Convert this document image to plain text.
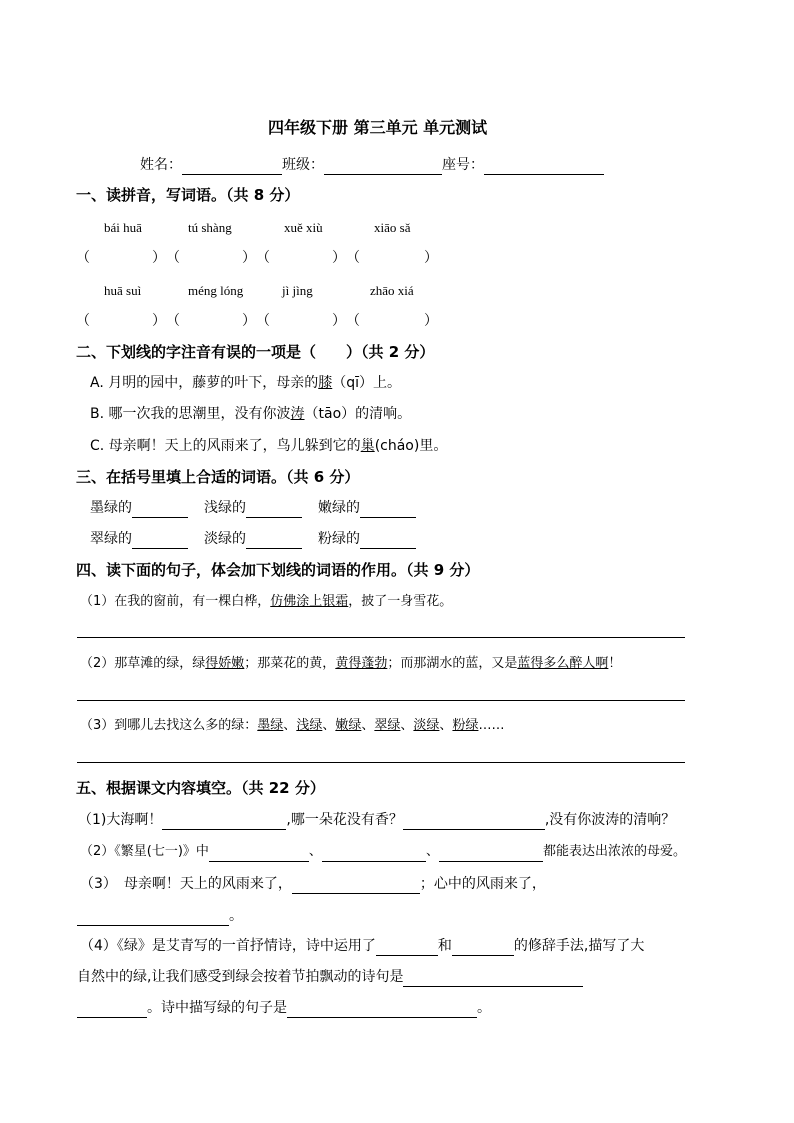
四年级下册 第三单元 单元测试
姓名：	班级：	座号：
一、读拼音，写词语。（共 8 分）
bái huā	tú shàng	xuě xiù	xiāo sǎ
（	） （	） （	） （	）
huā suì	méng lóng	jì jìng	zhāo xiá
（	） （	） （	） （	）
二、下划线的字注音有误的一项是（　　）（共 2 分）
A. 月明的园中，藤萝的叶下，母亲的膝（qī）上。
B. 哪一次我的思潮里，没有你波涛（tāo）的清响。
C. 母亲啊！天上的风雨来了，鸟儿躲到它的巢(cháo)里。
三、在括号里填上合适的词语。（共 6 分）
墨绿的	浅绿的	嫩绿的
翠绿的	淡绿的	粉绿的
四、读下面的句子，体会加下划线的词语的作用。（共 9 分）
（1）在我的窗前，有一棵白桦，仿佛涂上银霜，披了一身雪花。
（2）那草滩的绿，绿得娇嫩；那菜花的黄，黄得蓬勃；而那湖水的蓝，又是蓝得多么醉人啊！
（3）到哪儿去找这么多的绿：墨绿、浅绿、嫩绿、翠绿、淡绿、粉绿……
五、根据课文内容填空。（共 22 分）
（1)大海啊！	,哪一朵花没有香？	,没有你波涛的清响？
（2）《繁星(七一)》中	、	、	都能表达出浓浓的母爱。
（3）　母亲啊！天上的风雨来了，	；心中的风雨来了，
。
（4）《绿》是艾青写的一首抒情诗，诗中运用了	和	的修辞手法,描写了大
自然中的绿,让我们感受到绿会按着节拍飘动的诗句是
。诗中描写绿的句子是	。
